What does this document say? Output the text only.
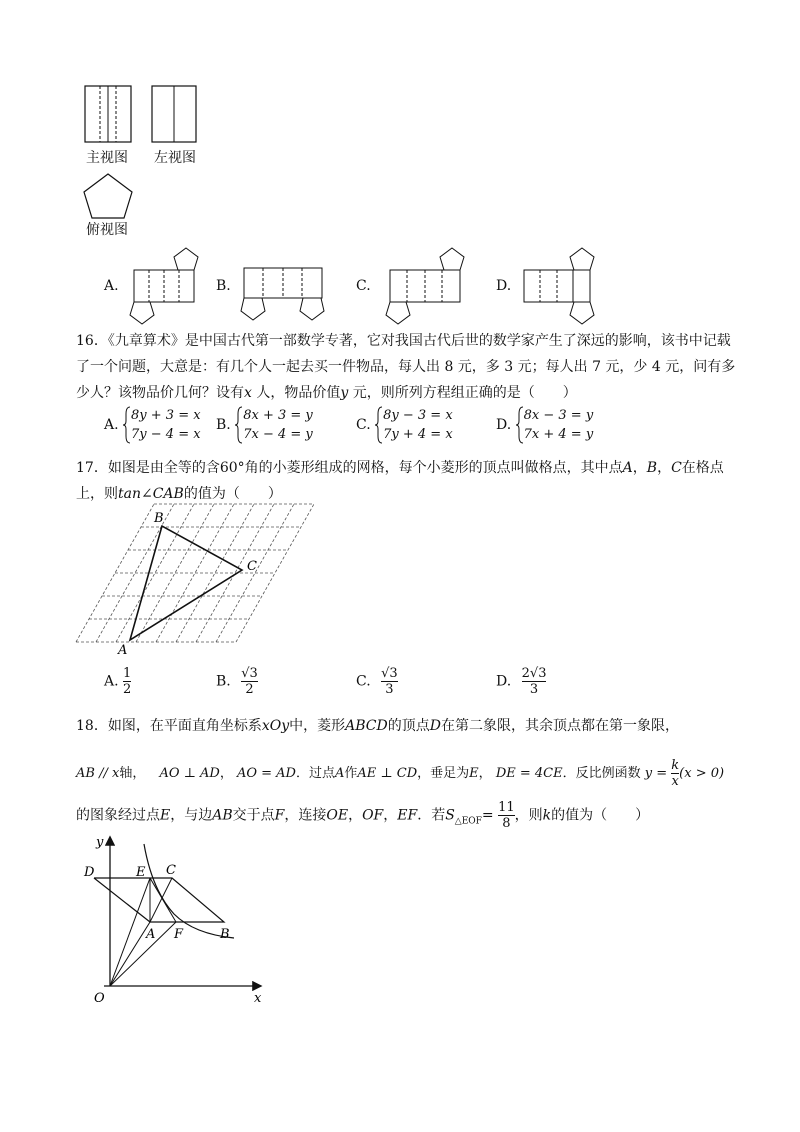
主视图 左视图
俯视图
A.	B.	C.	D.
16．《九章算术》是中国古代第一部数学专著，它对我国古代后世的数学家产生了深远的影响，该书中记载了一个问题，大意是：有几个人一起去买一件物品，每人出 8 元，多 3 元；每人出 7 元，少 4 元，问有多少人？该物品价几何？设有x 人，物品价值y 元，则所列方程组正确的是（　　）
A. 8y + 3 = x
7y − 4 = x
B. 8x + 3 = y
7x − 4 = y
C. 8y − 3 = x
7y + 4 = x
D. 8x − 3 = y
7x + 4 = y
17．如图是由全等的含60°角的小菱形组成的网格，每个小菱形的顶点叫做格点，其中点A，B，C在格点上，则tan∠CAB的值为（　　）
A
B
C
A. $\frac{1}{2}$	B. $\frac{√3}{2}$	C. $\frac{√3}{3}$	D. $\frac{2√3}{3}$
18．如图，在平面直角坐标系xOy中，菱形ABCD的顶点D在第二象限，其余顶点都在第一象限，
AB // x轴， AO ⊥ AD， AO = AD．过点A作AE ⊥ CD，垂足为E， DE = 4CE．反比例函数 $y = \frac{k}{x} (x > 0)$
的图象经过点E，与边AB交于点F，连接OE，OF，EF．若$S_{\triangle EOF}= \frac{11}{8}$ ，则k的值为（　　）
y
x
O
D	E C
A F	B
